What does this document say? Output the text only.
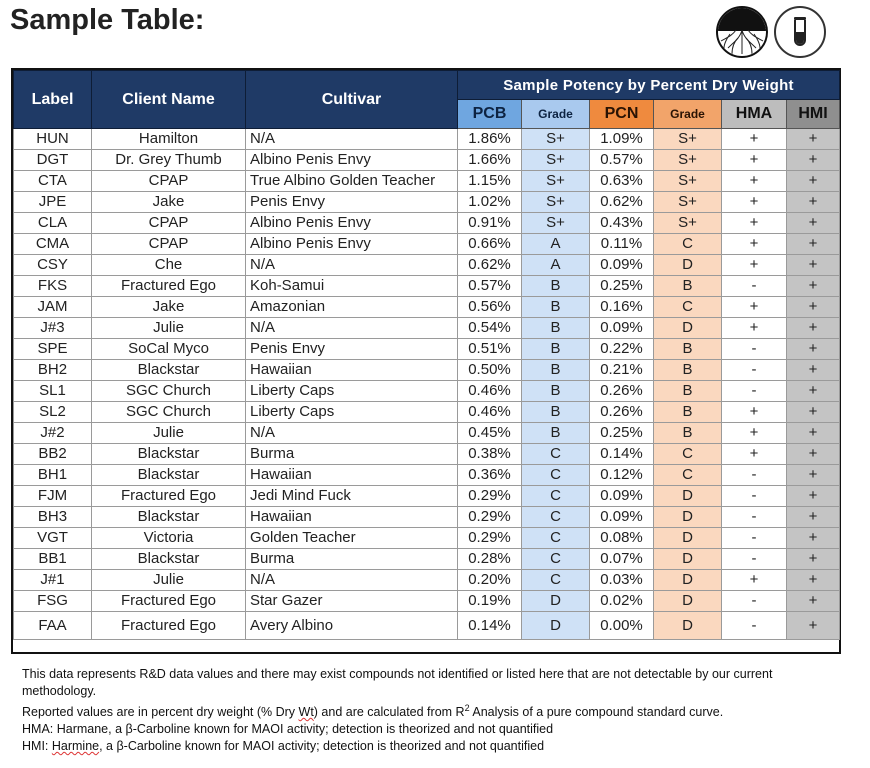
Sample Table:
Label	Client Name	Cultivar	Sample Potency by Percent Dry Weight					
			PCB	Grade	PCN	Grade	HMA	HMI
HUN	Hamilton	N/A	1.86%	S+	1.09%	S+	+	+
DGT	Dr. Grey Thumb	Albino Penis Envy	1.66%	S+	0.57%	S+	+	+
CTA	CPAP	True Albino Golden Teacher	1.15%	S+	0.63%	S+	+	+
JPE	Jake	Penis Envy	1.02%	S+	0.62%	S+	+	+
CLA	CPAP	Albino Penis Envy	0.91%	S+	0.43%	S+	+	+
CMA	CPAP	Albino Penis Envy	0.66%	A	0.11%	C	+	+
CSY	Che	N/A	0.62%	A	0.09%	D	+	+
FKS	Fractured Ego	Koh-Samui	0.57%	B	0.25%	B	-	+
JAM	Jake	Amazonian	0.56%	B	0.16%	C	+	+
J#3	Julie	N/A	0.54%	B	0.09%	D	+	+
SPE	SoCal Myco	Penis Envy	0.51%	B	0.22%	B	-	+
BH2	Blackstar	Hawaiian	0.50%	B	0.21%	B	-	+
SL1	SGC Church	Liberty Caps	0.46%	B	0.26%	B	-	+
SL2	SGC Church	Liberty Caps	0.46%	B	0.26%	B	+	+
J#2	Julie	N/A	0.45%	B	0.25%	B	+	+
BB2	Blackstar	Burma	0.38%	C	0.14%	C	+	+
BH1	Blackstar	Hawaiian	0.36%	C	0.12%	C	-	+
FJM	Fractured Ego	Jedi Mind Fuck	0.29%	C	0.09%	D	-	+
BH3	Blackstar	Hawaiian	0.29%	C	0.09%	D	-	+
VGT	Victoria	Golden Teacher	0.29%	C	0.08%	D	-	+
BB1	Blackstar	Burma	0.28%	C	0.07%	D	-	+
J#1	Julie	N/A	0.20%	C	0.03%	D	+	+
FSG	Fractured Ego	Star Gazer	0.19%	D	0.02%	D	-	+
FAA	Fractured Ego	Avery Albino	0.14%	D	0.00%	D	-	+

This data represents R&D data values and there may exist compounds not identified or listed here that are not detectable by our current methodology.

Reported values are in percent dry weight (% Dry Wt) and are calculated from $R^2$ Analysis of a pure compound standard curve.

HMA: Harmane, a β-Carboline known for MAOI activity; detection is theorized and not quantified

HMI: Harmine, a β-Carboline known for MAOI activity; detection is theorized and not quantified
